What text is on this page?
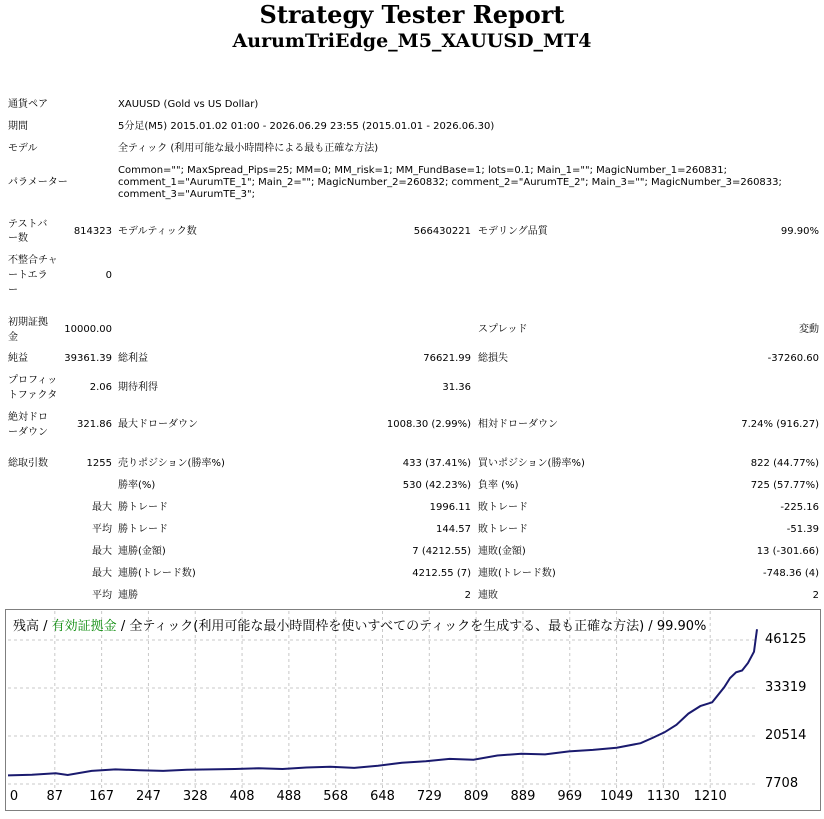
Strategy Tester Report
AurumTriEdge_M5_XAUUSD_MT4
通貨ペア	XAUUSD (Gold vs US Dollar)
期間	5分足(M5) 2015.01.02 01:00 - 2026.06.29 23:55 (2015.01.01 - 2026.06.30)
モデル	全ティック (利用可能な最小時間枠による最も正確な方法)
パラメーター
Common=""; MaxSpread_Pips=25; MM=0; MM_risk=1; MM_FundBase=1; lots=0.1; Main_1=""; MagicNumber_1=260831; comment_1="AurumTE_1"; Main_2=""; MagicNumber_2=260832; comment_2="AurumTE_2"; Main_3=""; MagicNumber_3=260833; comment_3="AurumTE_3";
テストバ
ー数
814323 モデルティック数	566430221 モデリング品質	99.90%
不整合チャ
ートエラ
ー
0
初期証拠
金
10000.00	スプレッド	変動
純益	39361.39 総利益	76621.99 総損失	-37260.60
プロフィッ
トファクタ
2.06 期待利得	31.36
絶対ドロ
ーダウン
321.86 最大ドローダウン	1008.30 (2.99%) 相対ドローダウン	7.24% (916.27)
総取引数	1255 売りポジション(勝率%)	433 (37.41%) 買いポジション(勝率%)	822 (44.77%)
勝率(%)	530 (42.23%) 負率 (%)	725 (57.77%)
最大 勝トレード	1996.11 敗トレード	-225.16
平均 勝トレード	144.57 敗トレード	-51.39
最大 連勝(金額)	7 (4212.55) 連敗(金額)	13 (-301.66)
最大 連勝(トレード数)	4212.55 (7) 連敗(トレード数)	-748.36 (4)
平均 連勝	2 連敗	2
残高 / 有効証拠金 / 全ティック(利用可能な最小時間枠を使いすべてのティックを生成する、最も正確な方法) / 99.90%
46125
33319
20514
7708
0 87 167 247 328 408 488 568 648 729 809 889 969 1049 1130 1210
